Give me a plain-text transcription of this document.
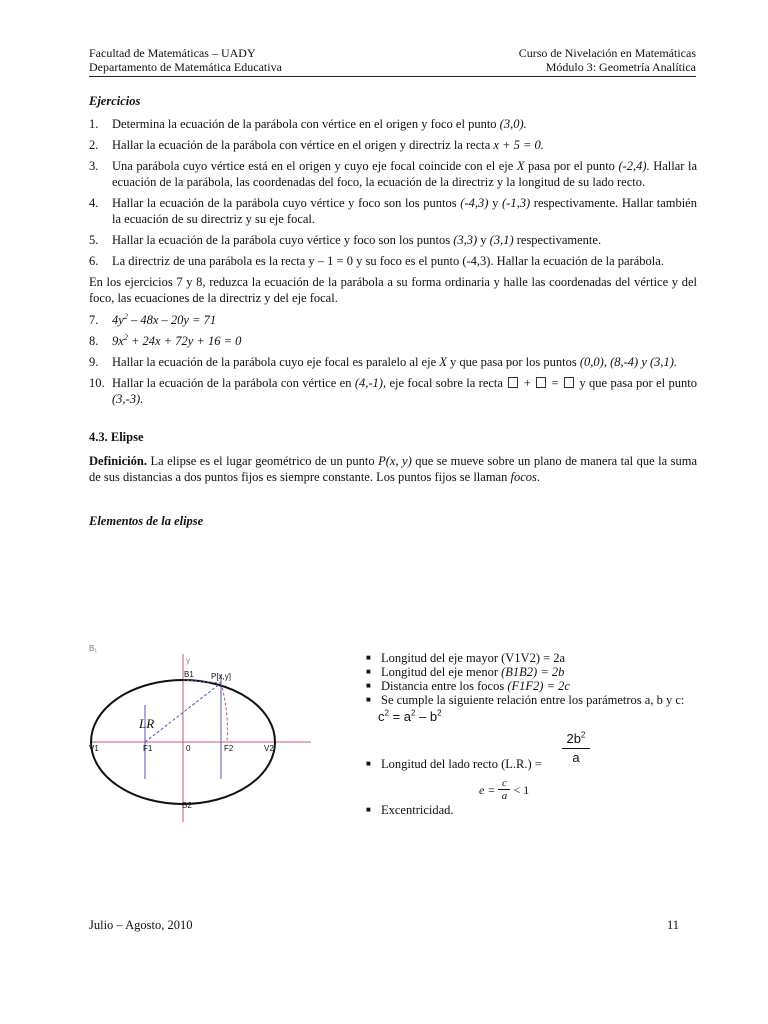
Facultad de Matemáticas – UADY
Departamento de Matemática Educativa
Curso de Nivelación en Matemáticas
Módulo 3: Geometría Analítica
Ejercicios
1.	Determina la ecuación de la parábola con vértice en el origen y foco el punto (3,0).
2.	Hallar la ecuación de la parábola con vértice en el origen y directriz la recta x + 5 = 0.
3.	Una parábola cuyo vértice está en el origen y cuyo eje focal coincide con el eje X pasa por el punto (-2,4). Hallar la ecuación de la parábola, las coordenadas del foco, la ecuación de la directriz y la longitud de su lado recto.
4.	Hallar la ecuación de la parábola cuyo vértice y foco son los puntos (-4,3) y (-1,3) respectivamente. Hallar también la ecuación de su directriz y su eje focal.
5.	Hallar la ecuación de la parábola cuyo vértice y foco son los puntos (3,3) y (3,1) respectivamente.
6.	La directriz de una parábola es la recta y – 1 = 0 y su foco es el punto (-4,3). Hallar la ecuación de la parábola.
En los ejercicios 7 y 8, reduzca la ecuación de la parábola a su forma ordinaria y halle las coordenadas del vértice y del foco, las ecuaciones de la directriz y del eje focal.
7.	$4y^2 - 48x - 20y = 71$
8.	$9x^2 + 24x + 72y + 16 = 0$
9.	Hallar la ecuación de la parábola cuyo eje focal es paralelo al eje X y que pasa por los puntos (0,0), (8,-4) y (3,1).
10. Hallar la ecuación de la parábola con vértice en (4,-1), eje focal sobre la recta  +  =  y que pasa por el punto (3,-3).
4.3. Elipse
Definición. La elipse es el lugar geométrico de un punto P(x, y) que se mueve sobre un plano de manera tal que la suma de sus distancias a dos puntos fijos es siempre constante. Los puntos fijos se llaman focos.
Elementos de la elipse
B₁
y
B1 P[x,y]
LR
V1	F1	0	F2	V2
B2
■ Longitud del eje mayor (V1V2) = 2a
■ Longitud del eje menor (B1B2) = 2b
■ Distancia entre los focos (F1F2) = 2c
■ Se cumple la siguiente relación entre los parámetros a, b y c:
$c^2 = a^2 - b^2$
$\frac{2b^2}{a}$
■ Longitud del lado recto (L.R.) =
$e = \frac{c}{a} < 1$
■ Excentricidad.
Julio – Agosto, 2010	11
